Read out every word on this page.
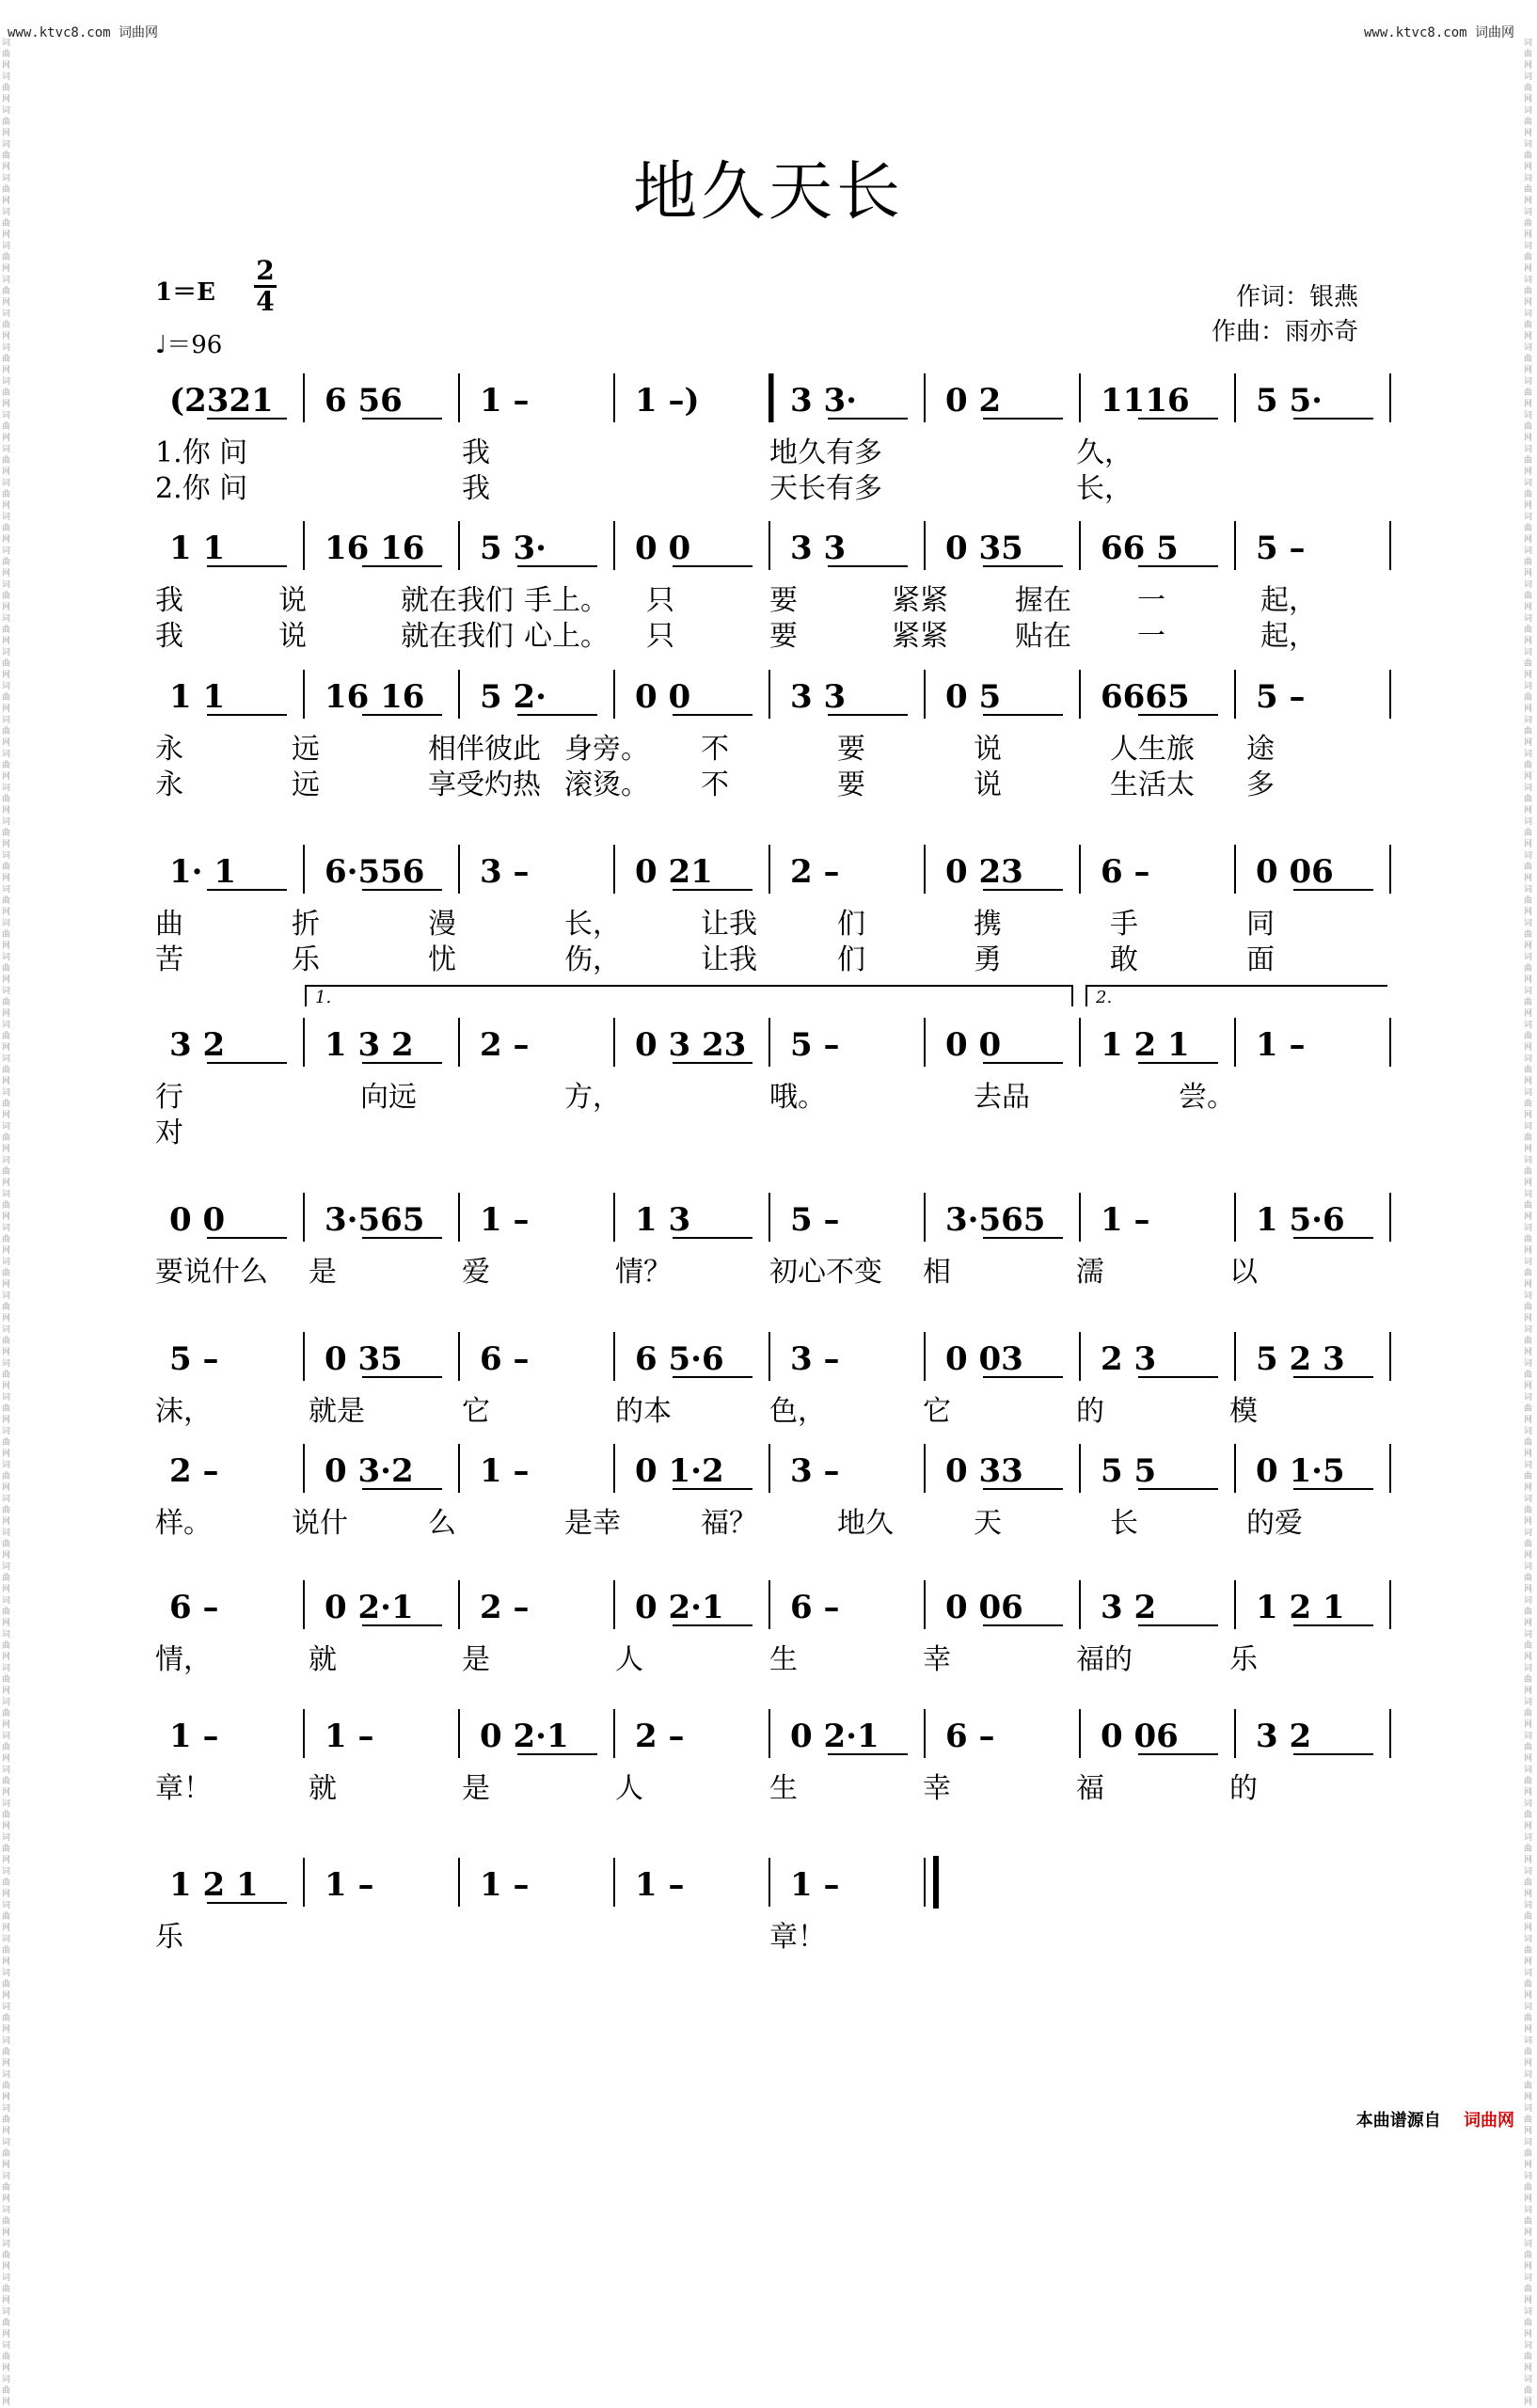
www.ktvc8.com 词曲网	www.ktvc8.com 词曲网
词曲网 词曲网 词曲网 词曲网 词曲网 词曲网 词曲网 词曲网 词曲网 词曲网 词曲网 词曲网 词曲网 词曲网 词曲网 词曲网 词曲网 词曲网 词曲网 词曲网 词曲网 词曲网 词曲网 词曲网 词曲网 词曲网 词曲网 词曲网 词曲网 词曲网 词曲网 词曲网 词曲网 词曲网 词曲网 词曲网 词曲网 词曲网 词曲网 词曲网 词曲网 词曲网 词曲网 词曲网 词曲网 词曲网 词曲网 词曲网 词曲网 词曲网 词曲网 词曲网 词曲网 词曲网 词曲网 词曲网 词曲网 词曲网 词曲网 词曲网 词曲网 词曲网 词曲网 词曲网 词曲网 词曲网 词曲网 词曲网 词曲网 词曲网
词曲网 词曲网 词曲网 词曲网 词曲网 词曲网 词曲网 词曲网 词曲网 词曲网 词曲网 词曲网 词曲网 词曲网 词曲网 词曲网 词曲网 词曲网 词曲网 词曲网 词曲网 词曲网 词曲网 词曲网 词曲网 词曲网 词曲网 词曲网 词曲网 词曲网 词曲网 词曲网 词曲网 词曲网 词曲网 词曲网 词曲网 词曲网 词曲网 词曲网 词曲网 词曲网 词曲网 词曲网 词曲网 词曲网 词曲网 词曲网 词曲网 词曲网 词曲网 词曲网 词曲网 词曲网 词曲网 词曲网 词曲网 词曲网 词曲网 词曲网 词曲网 词曲网 词曲网 词曲网 词曲网 词曲网 词曲网 词曲网 词曲网 词曲网
地久天长
1＝E
2
4
♩＝96
作词：银燕
作曲：雨亦奇
(2321 6 56 1 –	1 –)	3 3·	0 2	1116 5 5·
1.你 问	我	地久有多	久，
2.你 问	我	天长有多	长，
1 1	16 16 5 3·	0 0	3 3	0 35 66 5 5 –
我	说	就在我们 手上。 只	要	紧紧 握在 一	起，
我	说	就在我们 心上。 只	要	紧紧 贴在 一	起，
1 1	16 16 5 2·	0 0	3 3	0 5	6665 5 –
永	远	相伴彼此 身旁。 不	要	说	人生旅 途
永	远	享受灼热 滚烫。 不	要	说	生活太 多
1· 1	6·556 3 –	0 21 2 –	0 23 6 –	0 06
曲	折	漫	长，	让我	们	携	手	同
苦	乐	忧	伤，	让我	们	勇	敢	面
3 2	1 3 2 2 –	0 3 23 5 –	0 0	1 2 1 1 –
1.	2.
行	向远	方，	哦。	去品	尝。
对
0 0	3·565 1 –	1 3	5 –	3·565 1 –	1 5·6
要说什么 是	爱	情？	初心不变 相	濡	以
5 –	0 35 6 –	6 5·6 3 –	0 03 2 3	5 2 3
沫，	就是	它	的本	色，	它	的	模
2 –	0 3·2 1 –	0 1·2 3 –	0 33 5 5	0 1·5
样。	说什	么	是幸	福？	地久	天	长	的爱
6 –	0 2·1 2 –	0 2·1 6 –	0 06 3 2	1 2 1
情，	就	是	人	生	幸	福的	乐
1 –	1 –	0 2·1 2 –	0 2·1 6 –	0 06 3 2
章！	就	是	人	生	幸	福	的
1 2 1 1 –	1 –	1 –	1 –
乐	章！
本曲谱源自 词曲网
